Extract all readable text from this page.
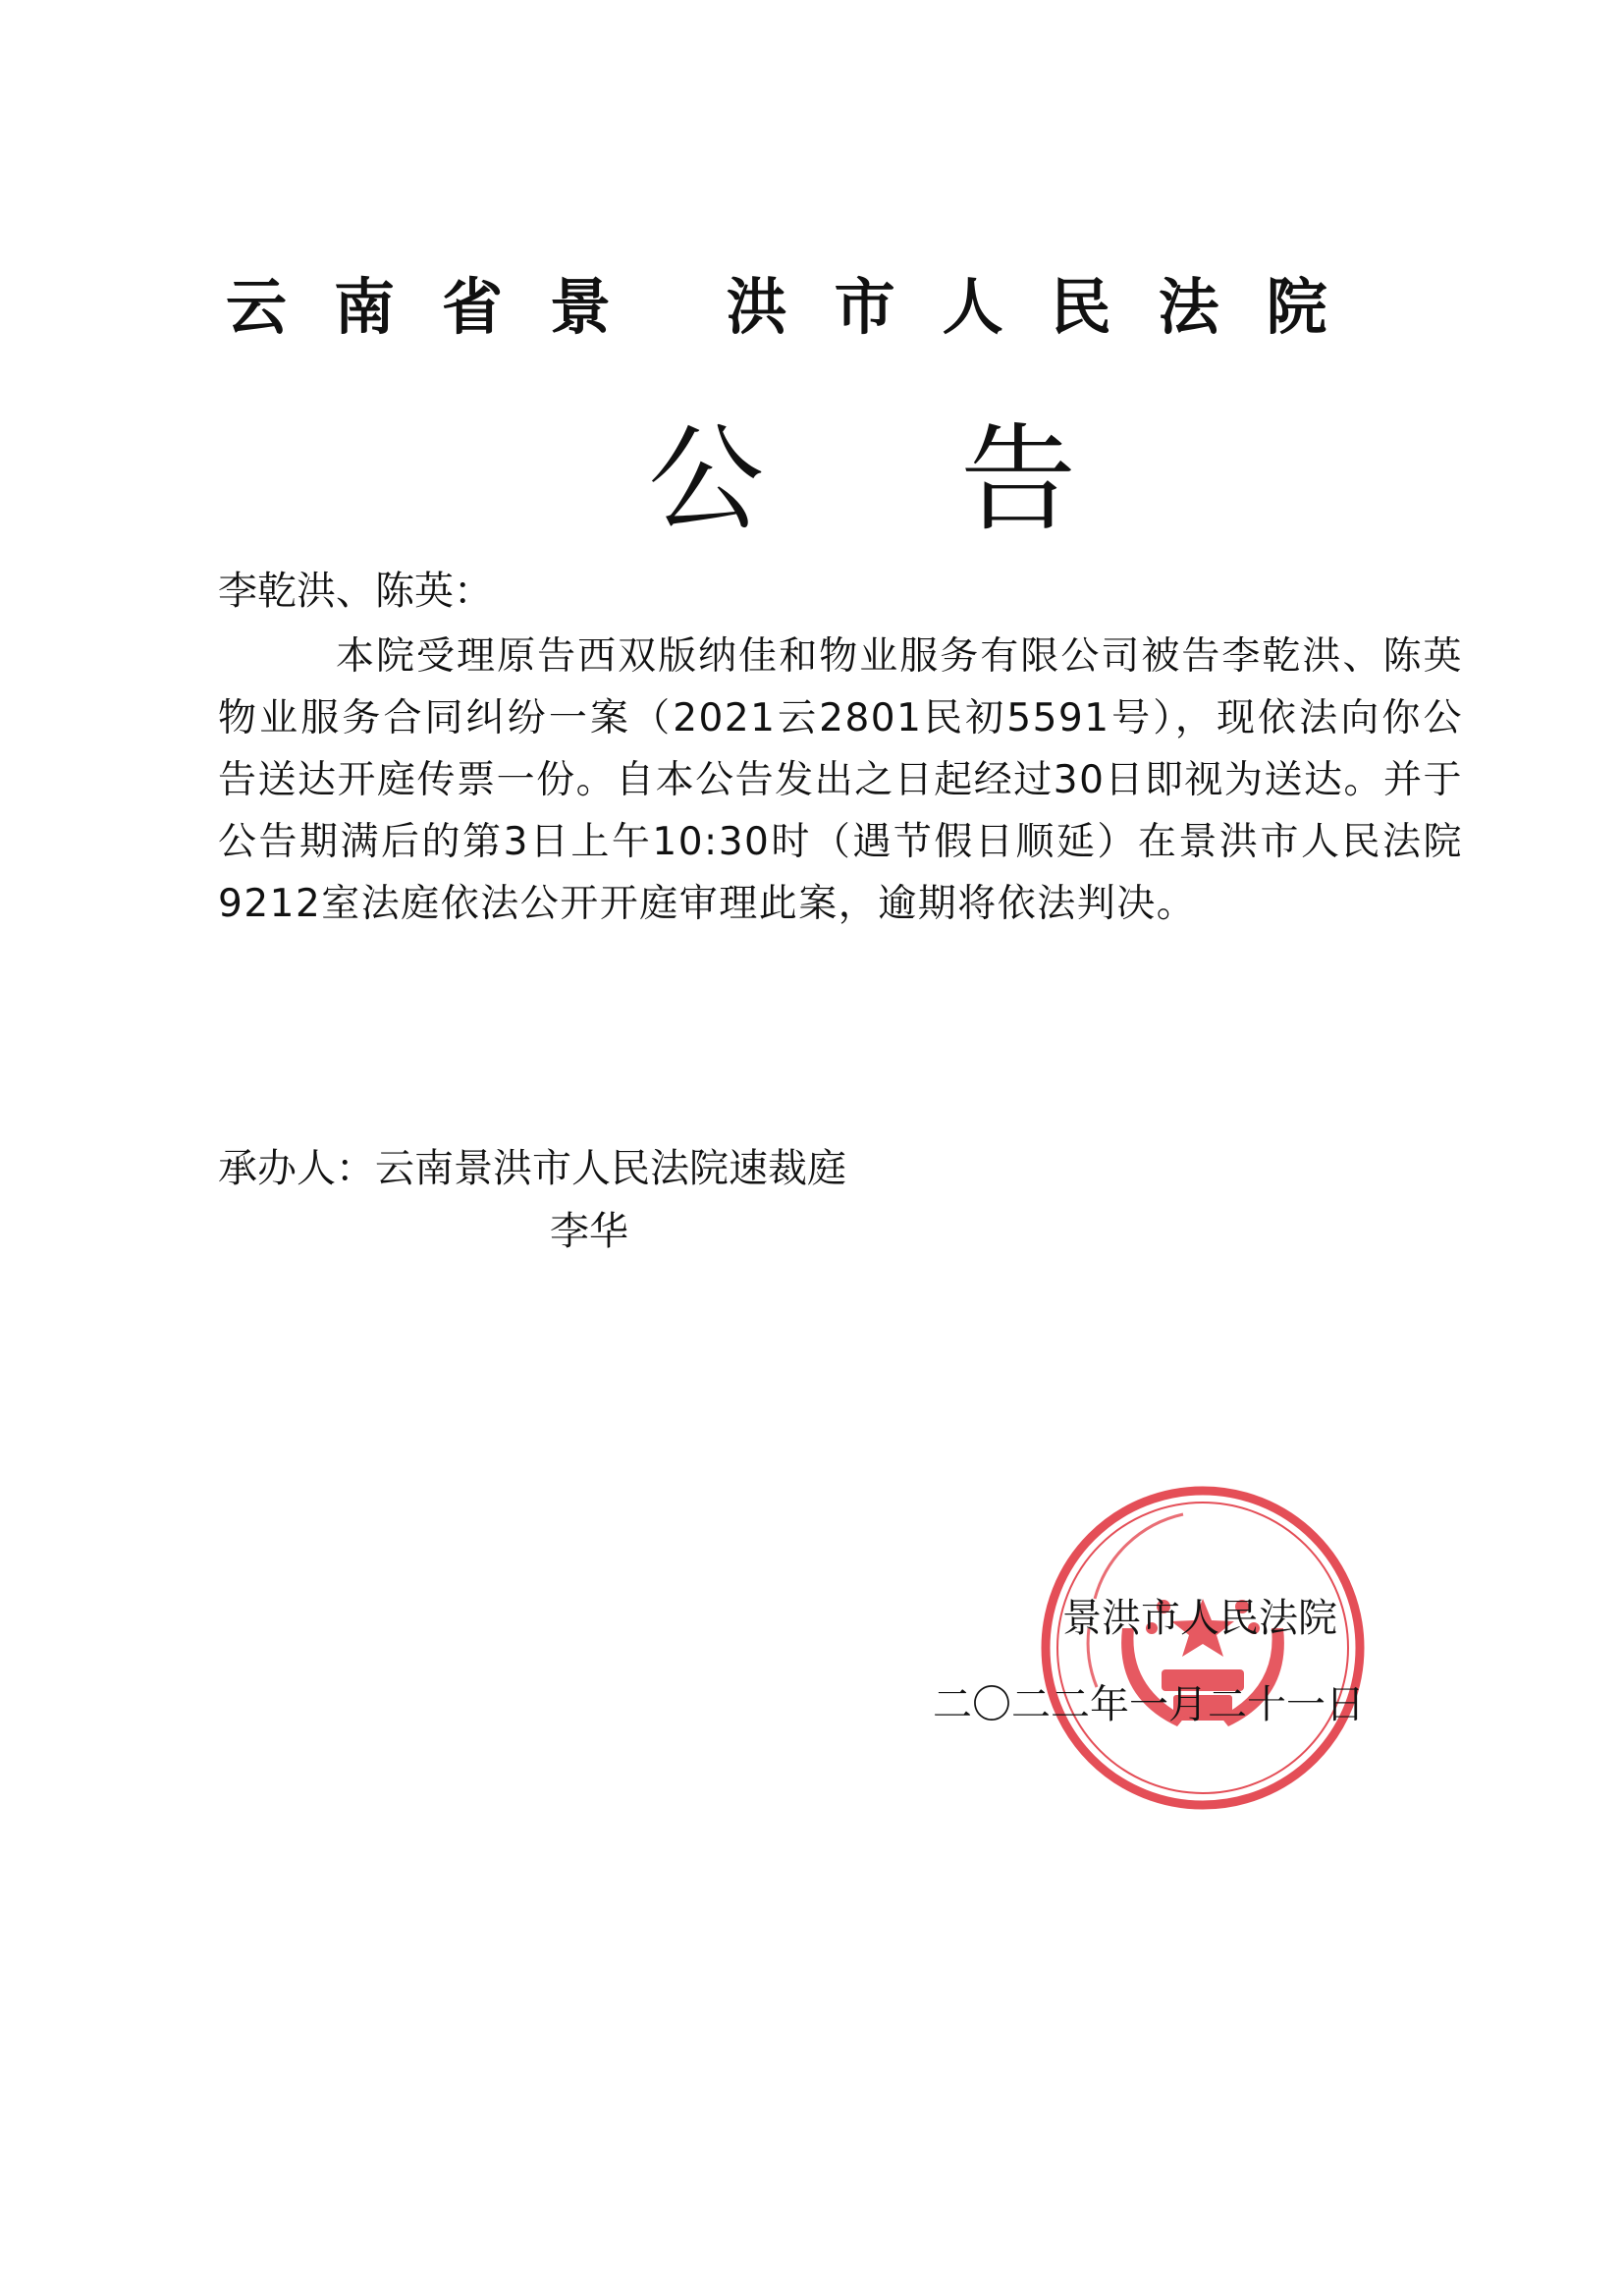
云南省景 洪市人民法院
公告
李乾洪、陈英：
本院受理原告西双版纳佳和物业服务有限公司被告李乾洪、陈英物业服务合同纠纷一案（2021云2801民初5591号），现依法向你公告送达开庭传票一份。自本公告发出之日起经过30日即视为送达。并于公告期满后的第3日上午10:30时（遇节假日顺延）在景洪市人民法院9212室法庭依法公开开庭审理此案，逾期将依法判决。
承办人：云南景洪市人民法院速裁庭
李华
景洪市人民法院
二〇二二年一月二十一日
